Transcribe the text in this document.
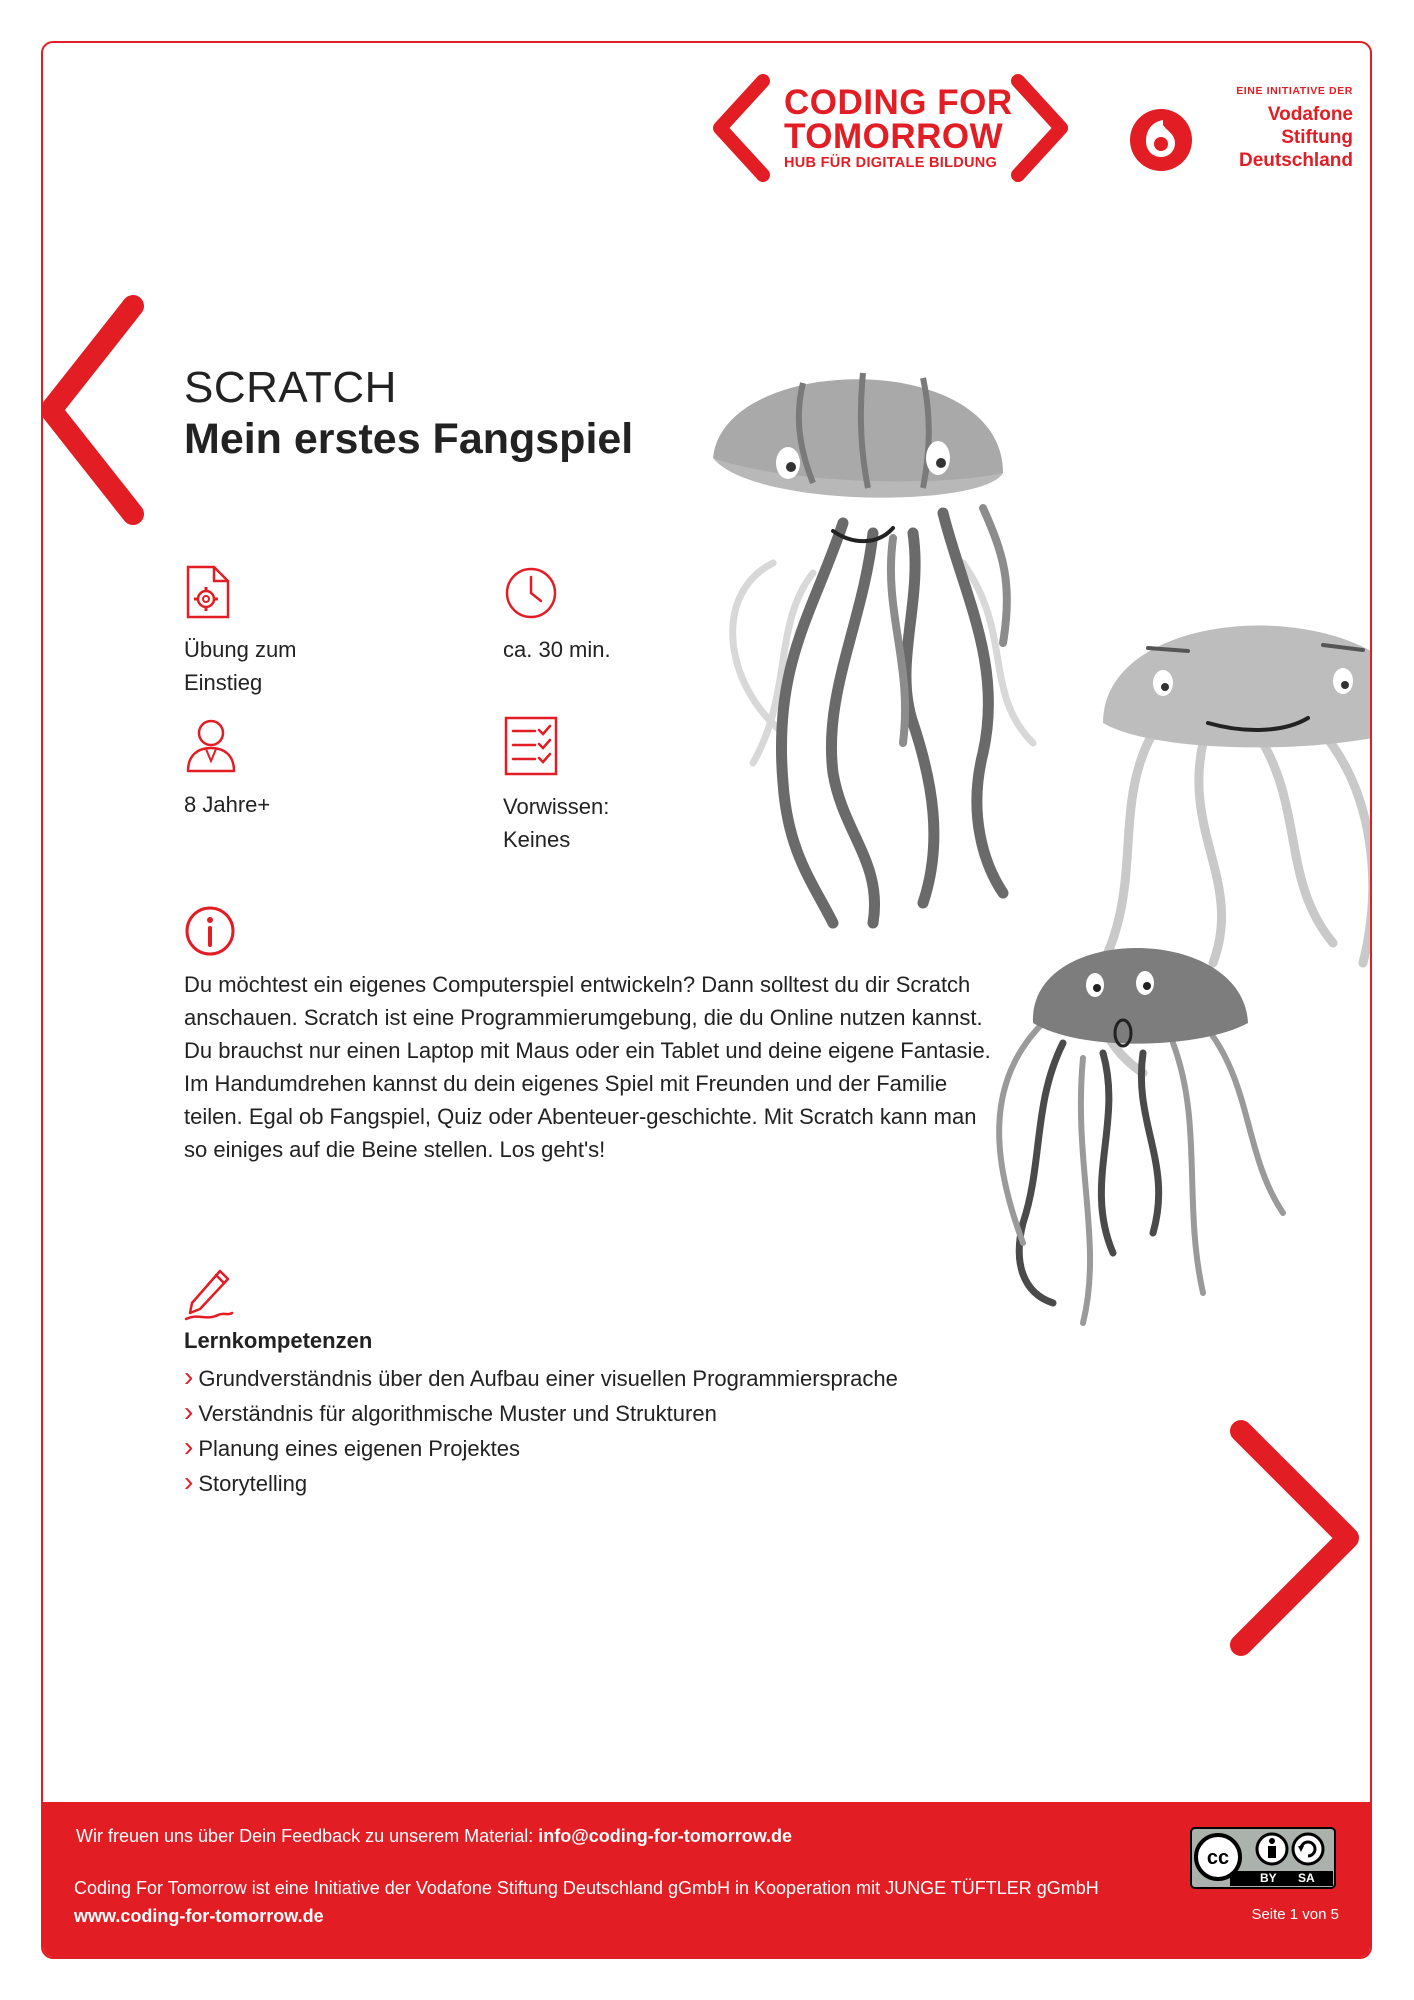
CODING FOR
TOMORROW
HUB FÜR DIGITALE BILDUNG
EINE INITIATIVE DER
Vodafone
Stiftung
Deutschland
SCRATCH
Mein erstes Fangspiel
Übung zum
Einstieg
ca. 30 min.
8 Jahre+	Vorwissen:
Keines
Du möchtest ein eigenes Computerspiel entwickeln? Dann solltest du dir Scratch anschauen. Scratch ist eine Programmierumgebung, die du Online nutzen kannst. Du brauchst nur einen Laptop mit Maus oder ein Tablet und deine eigene Fantasie. Im Handumdrehen kannst du dein eigenes Spiel mit Freunden und der Familie teilen. Egal ob Fangspiel, Quiz oder Abenteuer-geschichte. Mit Scratch kann man so einiges auf die Beine stellen. Los geht's!
Lernkompetenzen
› Grundverständnis über den Aufbau einer visuellen Programmiersprache
› Verständnis für algorithmische Muster und Strukturen
› Planung eines eigenen Projektes
› Storytelling
Wir freuen uns über Dein Feedback zu unserem Material: info@coding-for-tomorrow.de
Coding For Tomorrow ist eine Initiative der Vodafone Stiftung Deutschland gGmbH in Kooperation mit JUNGE TÜFTLER gGmbH
www.coding-for-tomorrow.de	Seite 1 von 5
cc
BY SA
